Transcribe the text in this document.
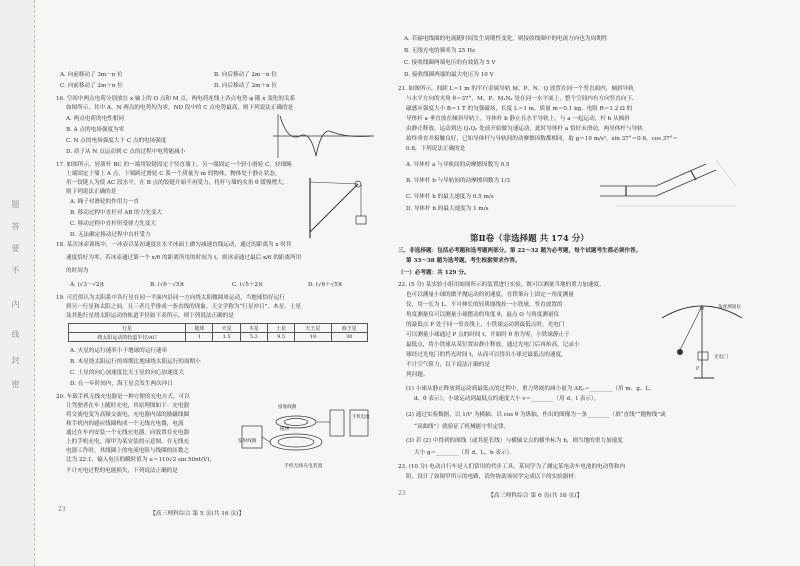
题
答
要
不
内
线
封
密
A. 向前移动了 3m－n 位	B. 向后移动了 2m－n 位
C. 向前移动了 2m＋n 位	D. 向后移动了 2m＋n 位
16. 空间中两点电荷分别放在 x 轴上的 O 点和 M 点，两电荷连线上各点电势 φ 随 x 变化的关系
如图所示，其中 A、N 两点的电势均为零，ND 段中的 C 点电势最高，则下列说法正确的是
A. 两点电荷的电性相同
B. A 点的电场强度为零
C. N 点的电场强度大于 C 点的电场强度
D. 质子从 N 点运动到 C 点的过程中电势能减小
17. 如图所示，轻质杆 BC 的一端用铰链固定于竖直墙上，另一端固定一个轻小滑轮 C，轻细绳
上端固定于墙上 A 点，下端跨过滑轮 C 系一个质量为 m 的物体，物体处于静止状态，
用一铰链人为使 AC 段水平，在 B 点的铰链开始不再受力，将杆与墙的夹角 θ 缓慢增大，
则下列说法正确的是
A. 绳子对滑轮的作用力一直
B. 移动过程中直杆对 AB 的力先变大
C. 移动过程中直杆所受弹力先变大
D. 无法确定移动过程中直杆受力
18. 某次冰壶训练中，一冰壶以某初速度在水平冰面上做匀减速直线运动，通过的距离为 x 时其
速度恰好为零，若冰壶通过第一个 x/6 的距离所用的时间为 t，则冰壶通过最后 x/6 的距离所用
的时间为
A. (√3－√2)t	B. (√6－√5)t	C. (√5＋2)t	D. (√6＋√5)t
19. 可近似认为太阳系中各行星在同一平面内沿同一方向绕太阳做圆周运动，当地球恰好运行
到另一行星和太阳之间，且三者几乎排成一条直线的现象，天文学称为“行星冲日”。木星、土星
及其他行星绕太阳运动的轨道半径如下表所示，则下列说法正确的是
行星	地球	火星	木星	土星	天王星	海王星
绕太阳运动的轨道半径/AU	1	1.5	5.2	9.5	19	30
A. 火星的运行速率小于地球的运行速率
B. 木星绕太阳运行的周期比地球绕太阳运行的周期小
C. 土星的向心加速度比天王星的向心加速度大
D. 在一年时间内，海王星会发生两次冲日
20. 车载手机无线充电器是一种方便的充电方式，可以
让驾驶者在车上随时充电，其原理图如下：充电器
将交流电变为高频交流电，充电器内部的励磁线圈
和手机内的感应线圈构成一个无线充电器，电流
通过在车内安装一个无线充电器，向放置在充电器
上的手机充电，图甲为某安装的示意图，在无线充
电器工作时，其线圈上的电流电阻与线圈的匝数之
比为 22:1，输入电压的瞬时值为 u＝110√2 sin 50πt(V)，
不计充电过程的电能损失，下列说法正确的是
发射线圈
磁场
接收线圈
手机电池
手机无线充电装置
23
【高三理科综合 第 5 页(共 16 页)】
A. 若输电线圈的电流随时间发生周期性变化，则接收线圈中的电流方向也为周期性
B. 无线充电的频率为 25 Hz
C. 接收线圈两端电压的有效值为 5 V
D. 接收线圈两端的最大电压为 10 V
21. 如图所示，间距 L＝1 m 的平行金属导轨 M、P、N、Q 放置在同一个竖直面内，倾斜导轨
与水平方向的夹角 θ＝37°，M、P、M₁N₁ 处在同一水平面上，整个空间内有方向竖直向下、
磁感应强度大小 B＝1 T 的匀强磁场，长度 L＝1 m、质量 m＝0.1 kg、电阻 R＝1.2 Ω 的
导体杆 a 垂直放在倾斜导轨上，导体杆 b 静止在水平导轨上，与 a 一起运动，杆 b 从倾斜
由静止释放，运动到达 Q₁Q₂ 处前开始做匀速运动，此时导体杆 a 恰好未滑动，两导体杆与导轨
始终垂直并接触良好，已知导体杆与导轨间的动摩擦因数都相同，取 g＝10 m/s²，sin 37°＝0.6，cos 37°＝
0.8，下列说法正确的是
A. 导体杆 a 与导轨间的动摩擦因数为 0.5
B. 导体杆 b 与导轨间的动摩擦因数为 1/3
C. 导体杆 b 的最大速度为 0.5 m/s
D. 导体杆 b 的最大速度为 1 m/s
第Ⅱ卷（非选择题 共 174 分）
三、非选择题：包括必考题和选考题两部分。第 22～32 题为必考题，每个试题考生都必须作答。
第 33～38 题为选考题，考生根据要求作答。
（一）必考题：共 129 分。
22. (5 分) 某实验小组用如图所示的装置进行实验，既可以测量当地的重力加速度，
也可以测量小球的做平抛运动的初速度，在铁架台上固定一角度测量
仪，用一长为 L、不可伸长的轻质细线拴一小铁球，竖直放置的
角度测量仪可以测量小球摆动的角度 θ，悬点 O 与角度测量仪
的最低点 P 处于同一竖直线上，小铁球运动到最低点时，光电门
可以测量小球通过 P 点的时间 t，开始时 θ 角为零，小铁球静止于
最低点，将小铁球从某位置由静止释放，通过光电门后再抬高，记录小
球经过光电门的挡光时间 t，从而可以得出小球过最低点的速度，
不计空气阻力，以下说法正确的是
列问题。
角度测量仪
O
光电门
P
(1) 小球从静止释放到运动到最低点的过程中，重力势能的减小量为 ΔEₚ＝________（用 m、g、L、
d、θ 表示），小球运动到最低点的速度大小 v＝________（用 d、t 表示）。
(2) 通过实验数据，以 1/t² 为横轴、以 cos θ 为纵轴，作出的图像为一条________（填“直线”“抛物线”或
“双曲线”）就验证了机械能守恒定律。
(3) 若 (2) 中得到的图线（或其延长线）与横轴交点的横坐标为 b，则当地的重力加速度
大小 g＝________（用 d、L、b 表示）。
23. (10 分) 电动自行车是人们常用的代步工具。某同学为了测定某电动车电池的电动势和内
阻，设计了如图甲所示的电路，请你协助该同学完成以下的实验器材：
23	【高三理科综合 第 6 页(共 16 页)】
